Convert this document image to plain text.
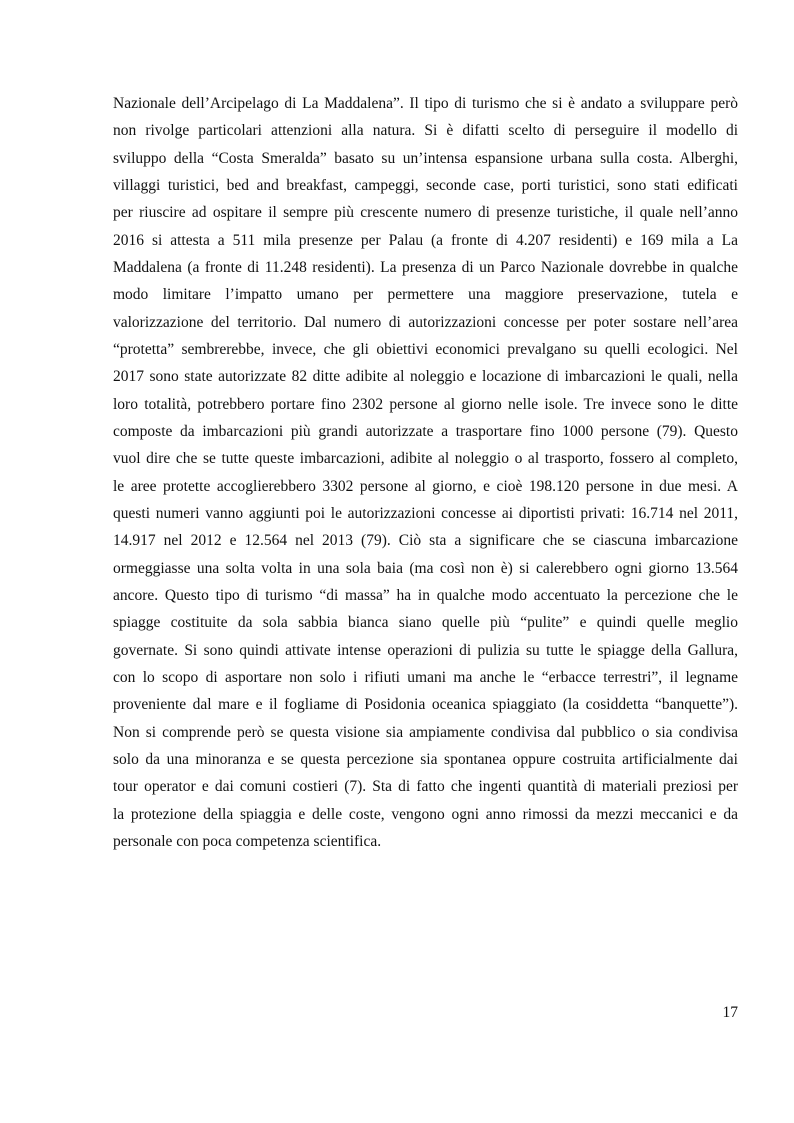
Nazionale dell’Arcipelago di La Maddalena”. Il tipo di turismo che si è andato a sviluppare però
non rivolge particolari attenzioni alla natura. Si è difatti scelto di perseguire il modello di
sviluppo della “Costa Smeralda” basato su un’intensa espansione urbana sulla costa. Alberghi,
villaggi turistici, bed and breakfast, campeggi, seconde case, porti turistici, sono stati edificati
per riuscire ad ospitare il sempre più crescente numero di presenze turistiche, il quale nell’anno
2016 si attesta a 511 mila presenze per Palau (a fronte di 4.207 residenti) e 169 mila a La
Maddalena (a fronte di 11.248 residenti). La presenza di un Parco Nazionale dovrebbe in qualche
modo limitare l’impatto umano per permettere una maggiore preservazione, tutela e
valorizzazione del territorio. Dal numero di autorizzazioni concesse per poter sostare nell’area
“protetta” sembrerebbe, invece, che gli obiettivi economici prevalgano su quelli ecologici. Nel
2017 sono state autorizzate 82 ditte adibite al noleggio e locazione di imbarcazioni le quali, nella
loro totalità, potrebbero portare fino 2302 persone al giorno nelle isole. Tre invece sono le ditte
composte da imbarcazioni più grandi autorizzate a trasportare fino 1000 persone (79). Questo
vuol dire che se tutte queste imbarcazioni, adibite al noleggio o al trasporto, fossero al completo,
le aree protette accoglierebbero 3302 persone al giorno, e cioè 198.120 persone in due mesi. A
questi numeri vanno aggiunti poi le autorizzazioni concesse ai diportisti privati: 16.714 nel 2011,
14.917 nel 2012 e 12.564 nel 2013 (79). Ciò sta a significare che se ciascuna imbarcazione
ormeggiasse una solta volta in una sola baia (ma così non è) si calerebbero ogni giorno 13.564
ancore. Questo tipo di turismo “di massa” ha in qualche modo accentuato la percezione che le
spiagge costituite da sola sabbia bianca siano quelle più “pulite” e quindi quelle meglio
governate. Si sono quindi attivate intense operazioni di pulizia su tutte le spiagge della Gallura,
con lo scopo di asportare non solo i rifiuti umani ma anche le “erbacce terrestri”, il legname
proveniente dal mare e il fogliame di Posidonia oceanica spiaggiato (la cosiddetta “banquette”).
Non si comprende però se questa visione sia ampiamente condivisa dal pubblico o sia condivisa
solo da una minoranza e se questa percezione sia spontanea oppure costruita artificialmente dai
tour operator e dai comuni costieri (7). Sta di fatto che ingenti quantità di materiali preziosi per
la protezione della spiaggia e delle coste, vengono ogni anno rimossi da mezzi meccanici e da
personale con poca competenza scientifica.
17
